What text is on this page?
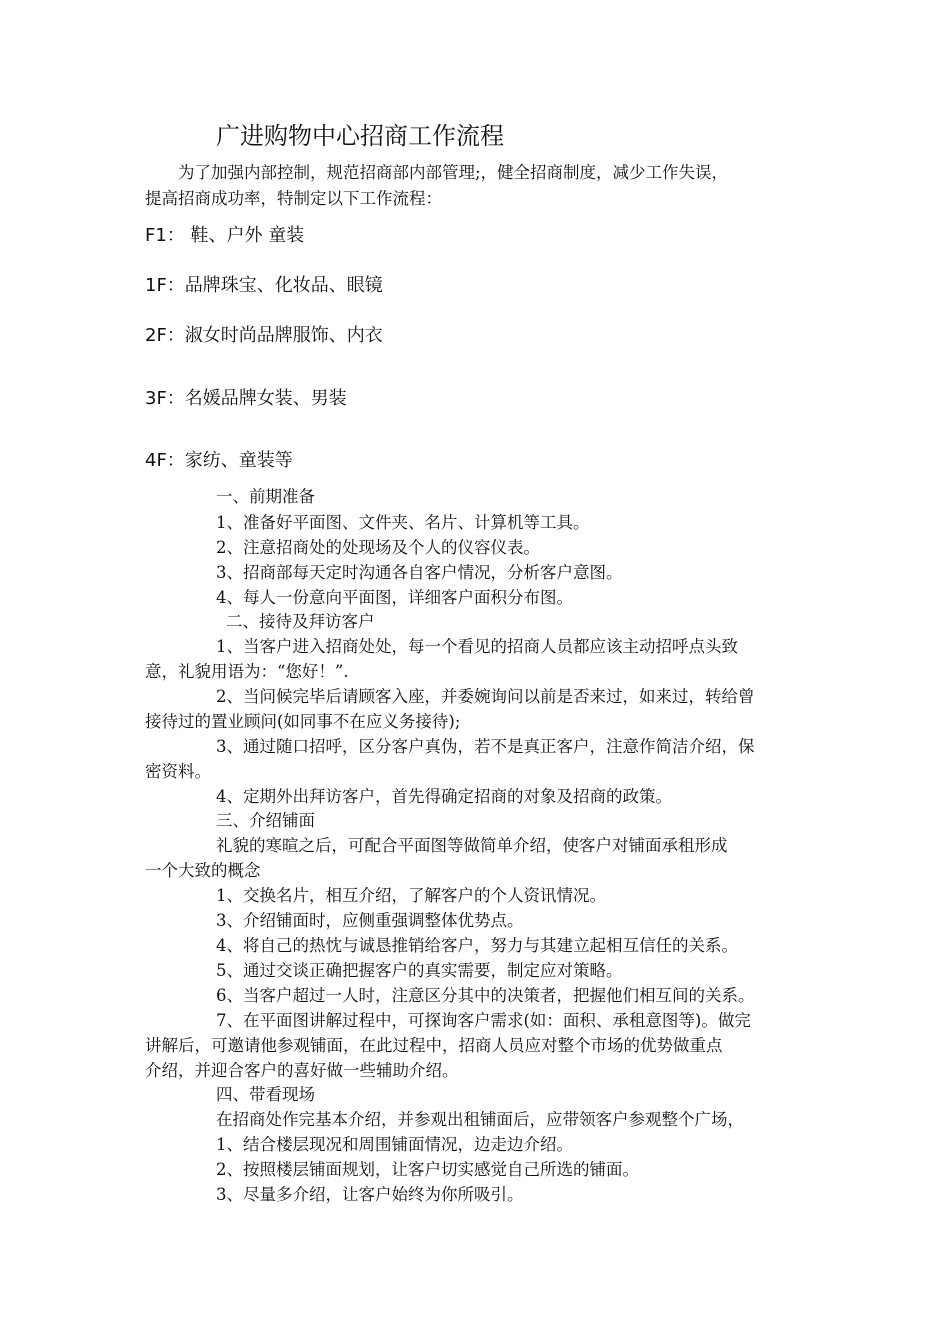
广进购物中心招商工作流程
为了加强内部控制，规范招商部内部管理;，健全招商制度，减少工作失误，
提高招商成功率，特制定以下工作流程：
F1： 鞋、户外 童装
1F：品牌珠宝、化妆品、眼镜
2F：淑女时尚品牌服饰、内衣
3F：名媛品牌女装、男装
4F：家纺、童装等
一、前期准备
1、准备好平面图、文件夹、名片、计算机等工具。
2、注意招商处的处现场及个人的仪容仪表。
3、招商部每天定时沟通各自客户情况，分析客户意图。
4、每人一份意向平面图，详细客户面积分布图。
二、接待及拜访客户
1、当客户进入招商处处，每一个看见的招商人员都应该主动招呼点头致
意，礼貌用语为：“您好！”.
2、当问候完毕后请顾客入座，并委婉询问以前是否来过，如来过，转给曾
接待过的置业顾问(如同事不在应义务接待);
3、通过随口招呼，区分客户真伪，若不是真正客户，注意作简洁介绍，保
密资料。
4、定期外出拜访客户，首先得确定招商的对象及招商的政策。
三、介绍铺面
礼貌的寒暄之后，可配合平面图等做简单介绍，使客户对铺面承租形成
一个大致的概念
1、交换名片，相互介绍，了解客户的个人资讯情况。
3、介绍铺面时，应侧重强调整体优势点。
4、将自己的热忱与诚恳推销给客户，努力与其建立起相互信任的关系。
5、通过交谈正确把握客户的真实需要，制定应对策略。
6、当客户超过一人时，注意区分其中的决策者，把握他们相互间的关系。
7、在平面图讲解过程中，可探询客户需求(如：面积、承租意图等)。做完
讲解后，可邀请他参观铺面，在此过程中，招商人员应对整个市场的优势做重点
介绍，并迎合客户的喜好做一些辅助介绍。
四、带看现场
在招商处作完基本介绍，并参观出租铺面后，应带领客户参观整个广场，
1、结合楼层现况和周围铺面情况，边走边介绍。
2、按照楼层铺面规划，让客户切实感觉自己所选的铺面。
3、尽量多介绍，让客户始终为你所吸引。
